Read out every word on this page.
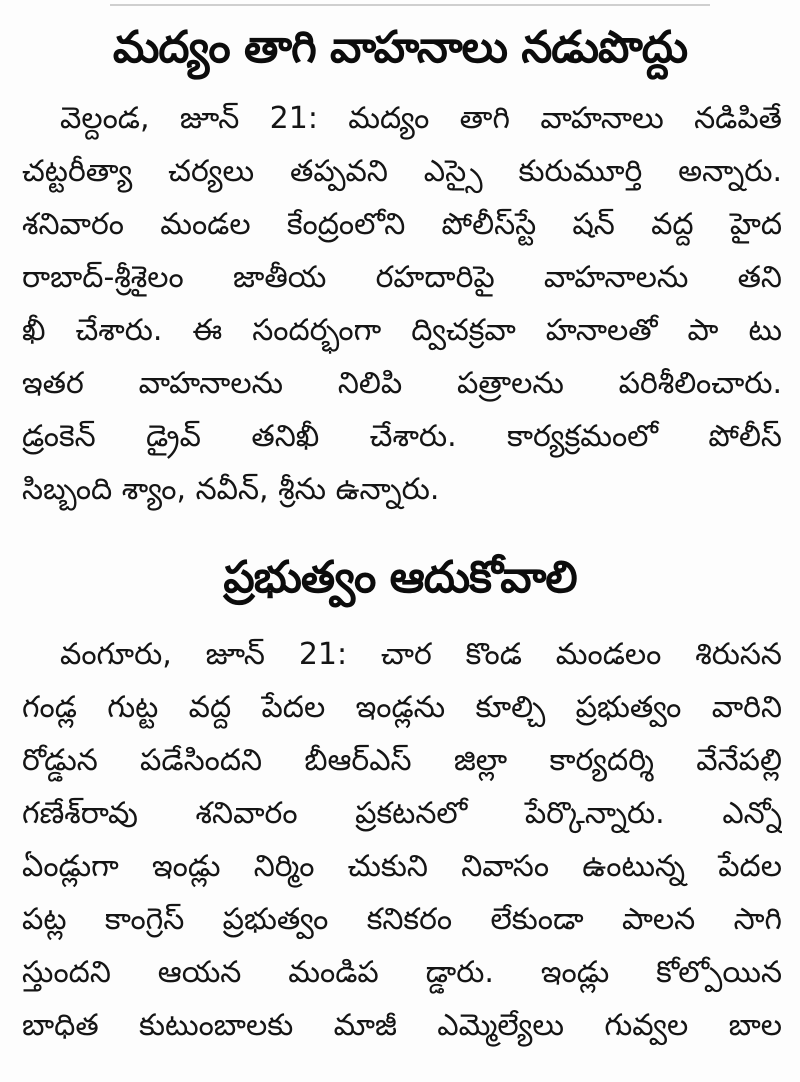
మద్యం తాగి వాహనాలు నడుపొద్దు
వెల్దండ, జూన్ 21: మద్యం తాగి వాహనాలు నడిపితే
చట్టరీత్యా చర్యలు తప్పవని ఎస్సై కురుమూర్తి అన్నారు.
శనివారం మండల కేంద్రంలోని పోలీస్‌స్టే షన్ వద్ద హైద
రాబాద్-శ్రీశైలం జాతీయ రహదారిపై వాహనాలను తని
ఖీ చేశారు. ఈ సందర్భంగా ద్విచక్రవా హనాలతో పా టు
ఇతర వాహనాలను నిలిపి పత్రాలను పరిశీలించారు.
డ్రంకెన్ డ్రైవ్ తనిఖీ చేశారు. కార్యక్రమంలో పోలీస్
సిబ్బంది శ్యాం, నవీన్, శ్రీను ఉన్నారు.
ప్రభుత్వం ఆదుకోవాలి
వంగూరు, జూన్ 21: చార కొండ మండలం శిరుసన
గండ్ల గుట్ట వద్ద పేదల ఇండ్లను కూల్చి ప్రభుత్వం వారిని
రోడ్డున పడేసిందని బీఆర్ఎస్ జిల్లా కార్యదర్శి వేనేపల్లి
గణేశ్‌రావు శనివారం ప్రకటనలో పేర్కొన్నారు. ఎన్నో
ఏండ్లుగా ఇండ్లు నిర్మిం చుకుని నివాసం ఉంటున్న పేదల
పట్ల కాంగ్రెస్ ప్రభుత్వం కనికరం లేకుండా పాలన సాగి
స్తుందని ఆయన మండిప డ్డారు. ఇండ్లు కోల్పోయిన
బాధిత కుటుంబాలకు మాజీ ఎమ్మెల్యేలు గువ్వల బాల
